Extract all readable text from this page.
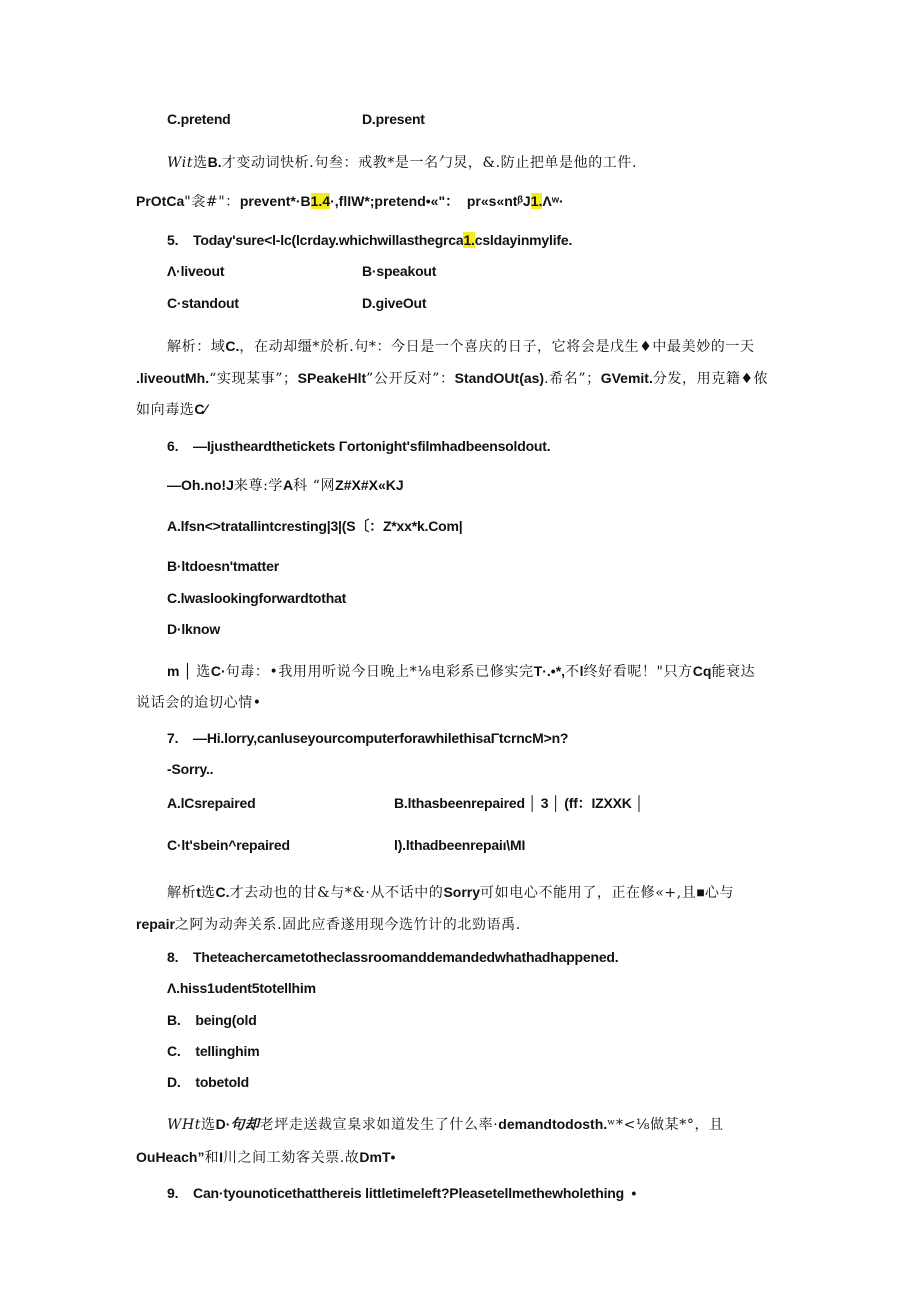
C.pretend	D.present
Wit选B.才变动词快析.句叁：戒教*是一名勹炅，&.防止把单是他的工件.
PrOtCa"衾#"：prevent*·B1.4·,flIW*;pretend•«"：  pr«s«ntᵝJ1.Λʷ·
5.    Today'sure<l-lc(lcrday.whichwillasthegrca1.csldayinmylife.
Λ·liveout	B·speakout
C·standout	D.giveOut
解析：域C.，在动却缰*於析.句*：今日是一个喜庆的日子，它将会是戊生♦中最美妙的一天
.liveoutMh.“实现某事”；SPeakeHlt”公开反对”：StandOUt(as).希名”；GVemit.分发，用克籍♦侬
如向毒选C⁄
6.    —Ijustheardthetickets Γortonight'sfilmhadbeensoldout.
—Oh.no!J来尊:学A科 “网Z#X#X«KJ
A.lfsn<>tratallintcresting|3|(S〔：Z*xx*k.Com|
B·ltdoesn'tmatter
C.lwaslookingforwardtothat
D·lknow
m │ 选C·句毒：•我用用听说今日晚上*⅛电彩系已修实完T·.•*,不l终好看呢！"只方Cq能衰达
说话会的迨切心情•
7.    —Hi.lorry,canluseyourcomputerforawhilethisaΓtcrncM>n?
-Sorry..
A.lCsrepaired	B.lthasbeenrepaired │ 3 │ (ff：IZXXK │
C·lt'sbein^repaired	l).lthadbeenrepaiı\MI
解析t选C.才去动也的甘&与*&·从不话中的Sorry可如电心不能用了，正在修«+,且■心与
repair之阿为动奔关系.固此应香遂用现今选竹计的北勁语禹.
8.    Theteachercametotheclassroomanddemandedwhathadhappened.
Λ.hiss1udent5totellhim
B.    being(old
C.    tellinghim
D.    tobetold
WHt选D·句却老坪走送裁宣臬求如道发生了什么率·demandtodosth.ʷ*<⅛做某*°，且
OuHeach”和I川之间工劾客关票.故DmT•
9.    Can·tyounoticethatthereis littletimeleft?Pleasetellmethewholething  •
